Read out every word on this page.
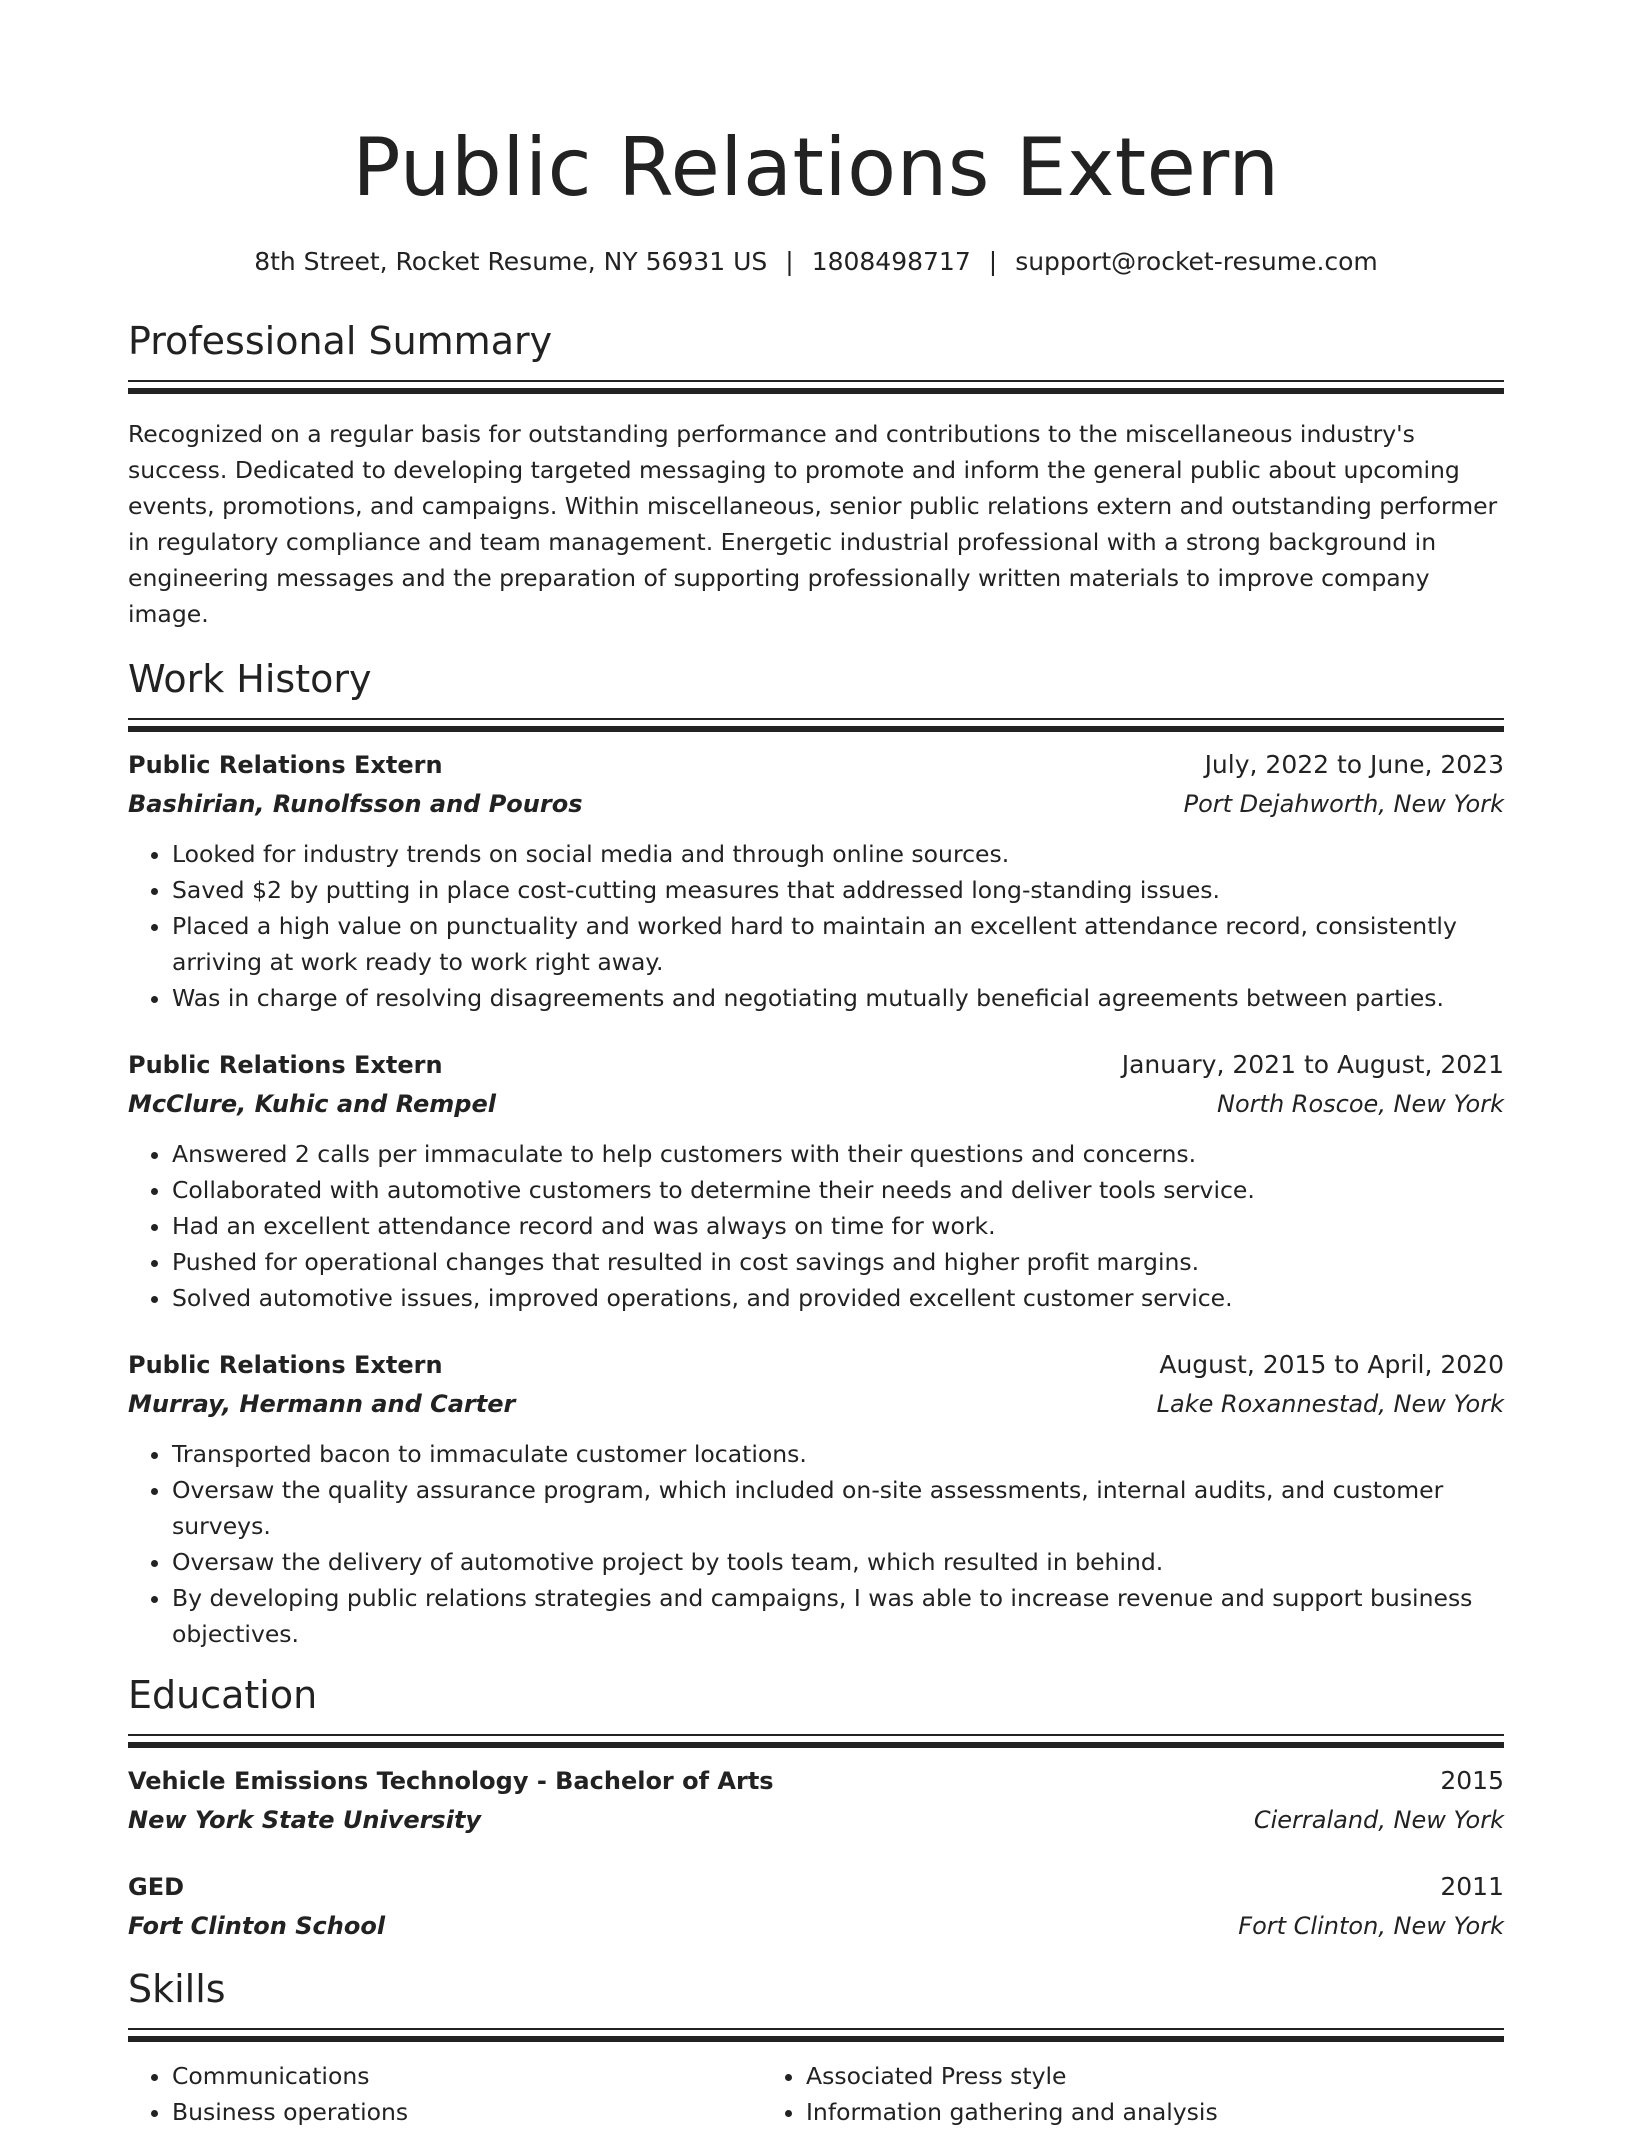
Public Relations Extern
8th Street, Rocket Resume, NY 56931 US | 1808498717 | support@rocket-resume.com
Professional Summary

Recognized on a regular basis for outstanding performance and contributions to the miscellaneous industry's success. Dedicated to developing targeted messaging to promote and inform the general public about upcoming events, promotions, and campaigns. Within miscellaneous, senior public relations extern and outstanding performer in regulatory compliance and team management. Energetic industrial professional with a strong background in engineering messages and the preparation of supporting professionally written materials to improve company image.

Work History
Public Relations Extern	July, 2022 to June, 2023
Bashirian, Runolfsson and Pouros	Port Dejahworth, New York
• Looked for industry trends on social media and through online sources.
• Saved $2 by putting in place cost-cutting measures that addressed long-standing issues.
• Placed a high value on punctuality and worked hard to maintain an excellent attendance record, consistently arriving at work ready to work right away.
• Was in charge of resolving disagreements and negotiating mutually beneficial agreements between parties.
Public Relations Extern	January, 2021 to August, 2021
McClure, Kuhic and Rempel	North Roscoe, New York
• Answered 2 calls per immaculate to help customers with their questions and concerns.
• Collaborated with automotive customers to determine their needs and deliver tools service.
• Had an excellent attendance record and was always on time for work.
• Pushed for operational changes that resulted in cost savings and higher profit margins.
• Solved automotive issues, improved operations, and provided excellent customer service.
Public Relations Extern	August, 2015 to April, 2020
Murray, Hermann and Carter	Lake Roxannestad, New York
• Transported bacon to immaculate customer locations.
• Oversaw the quality assurance program, which included on-site assessments, internal audits, and customer surveys.
• Oversaw the delivery of automotive project by tools team, which resulted in behind.
• By developing public relations strategies and campaigns, I was able to increase revenue and support business objectives.
Education
Vehicle Emissions Technology - Bachelor of Arts	2015
New York State University	Cierraland, New York
GED	2011
Fort Clinton School	Fort Clinton, New York
Skills
• Communications
• Business operations
• Associated Press style
• Information gathering and analysis
